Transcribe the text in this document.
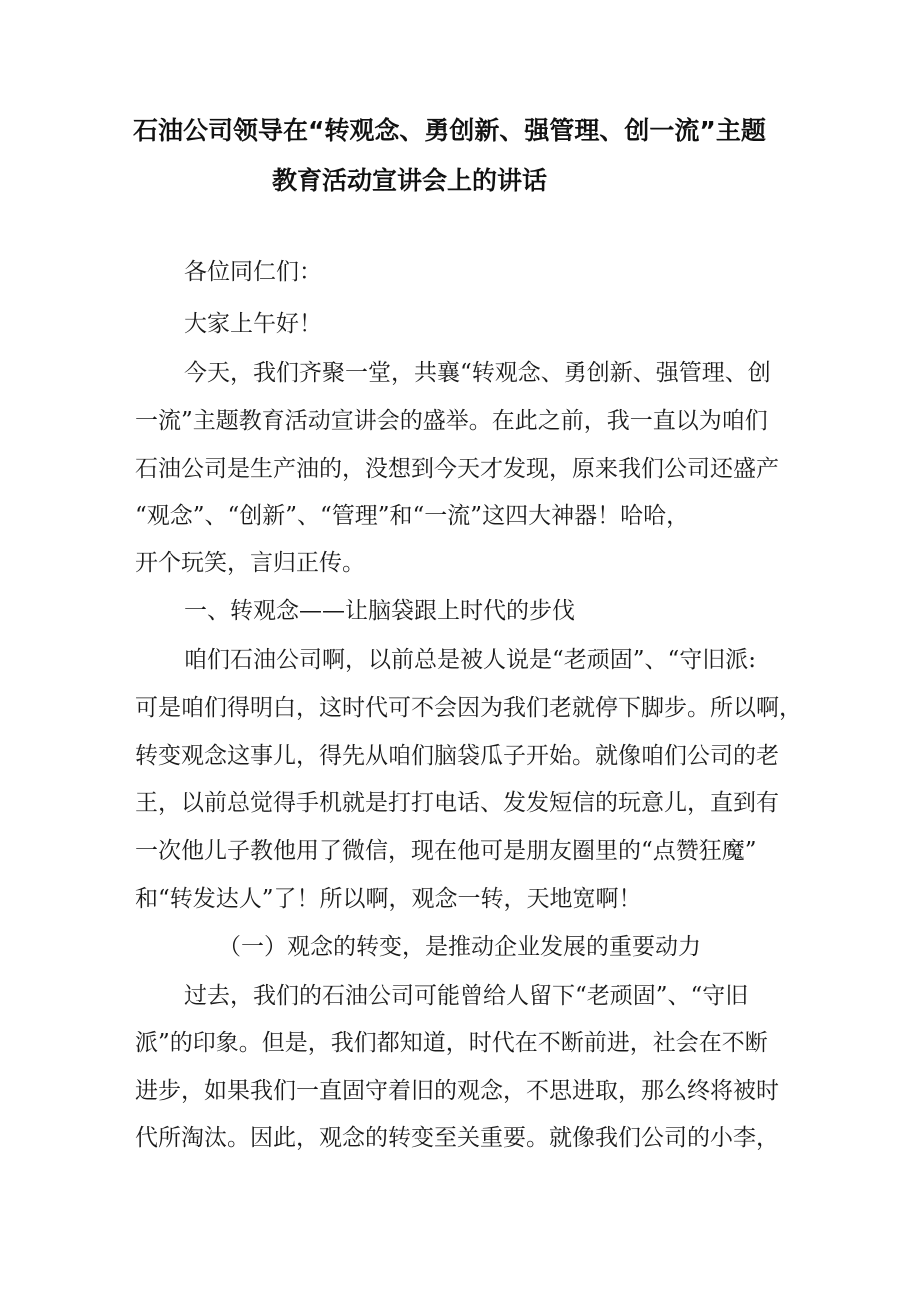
石油公司领导在“转观念、勇创新、强管理、创一流”主题
教育活动宣讲会上的讲话
各位同仁们：
大家上午好！
今天，我们齐聚一堂，共襄“转观念、勇创新、强管理、创
一流”主题教育活动宣讲会的盛举。在此之前，我一直以为咱们
石油公司是生产油的，没想到今天才发现，原来我们公司还盛产
“观念”、“创新”、“管理”和“一流”这四大神器！哈哈，
开个玩笑，言归正传。
一、转观念——让脑袋跟上时代的步伐
咱们石油公司啊，以前总是被人说是“老顽固”、“守旧派:
可是咱们得明白，这时代可不会因为我们老就停下脚步。所以啊，
转变观念这事儿，得先从咱们脑袋瓜子开始。就像咱们公司的老
王，以前总觉得手机就是打打电话、发发短信的玩意儿，直到有
一次他儿子教他用了微信，现在他可是朋友圈里的“点赞狂魔”
和“转发达人”了！所以啊，观念一转，天地宽啊！
（一）观念的转变，是推动企业发展的重要动力
过去，我们的石油公司可能曾给人留下“老顽固”、“守旧
派”的印象。但是，我们都知道，时代在不断前进，社会在不断
进步，如果我们一直固守着旧的观念，不思进取，那么终将被时
代所淘汰。因此，观念的转变至关重要。就像我们公司的小李，
